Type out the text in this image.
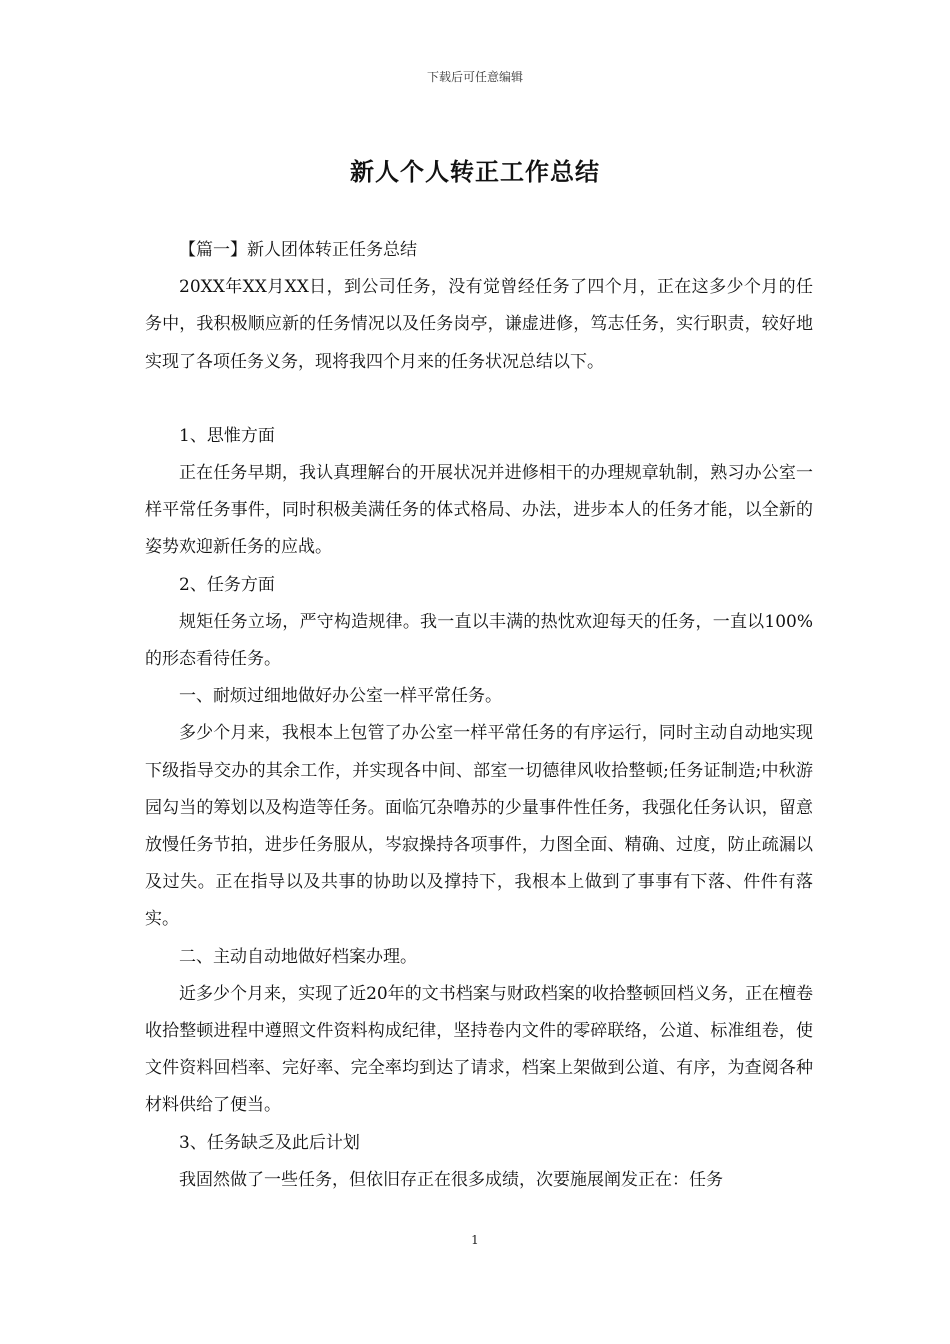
下载后可任意编辑
新人个人转正工作总结

【篇一】新人团体转正任务总结

20XX年XX月XX日，到公司任务，没有觉曾经任务了四个月，正在这多少个月的任务中，我积极顺应新的任务情况以及任务岗亭，谦虚进修，笃志任务，实行职责，较好地实现了各项任务义务，现将我四个月来的任务状况总结以下。

1、思惟方面

正在任务早期，我认真理解台的开展状况并进修相干的办理规章轨制，熟习办公室一样平常任务事件，同时积极美满任务的体式格局、办法，进步本人的任务才能，以全新的姿势欢迎新任务的应战。

2、任务方面

规矩任务立场，严守构造规律。我一直以丰满的热忱欢迎每天的任务，一直以100%的形态看待任务。

一、耐烦过细地做好办公室一样平常任务。

多少个月来，我根本上包管了办公室一样平常任务的有序运行，同时主动自动地实现下级指导交办的其余工作，并实现各中间、部室一切德律风收拾整顿;任务证制造;中秋游园勾当的筹划以及构造等任务。面临冗杂噜苏的少量事件性任务，我强化任务认识，留意放慢任务节拍，进步任务服从，岑寂操持各项事件，力图全面、精确、过度，防止疏漏以及过失。正在指导以及共事的协助以及撑持下，我根本上做到了事事有下落、件件有落实。

二、主动自动地做好档案办理。

近多少个月来，实现了近20年的文书档案与财政档案的收拾整顿回档义务，正在檀卷收拾整顿进程中遵照文件资料构成纪律，坚持卷内文件的零碎联络，公道、标准组卷，使文件资料回档率、完好率、完全率均到达了请求，档案上架做到公道、有序，为查阅各种材料供给了便当。

3、任务缺乏及此后计划

我固然做了一些任务，但依旧存正在很多成绩，次要施展阐发正在：任务

1
